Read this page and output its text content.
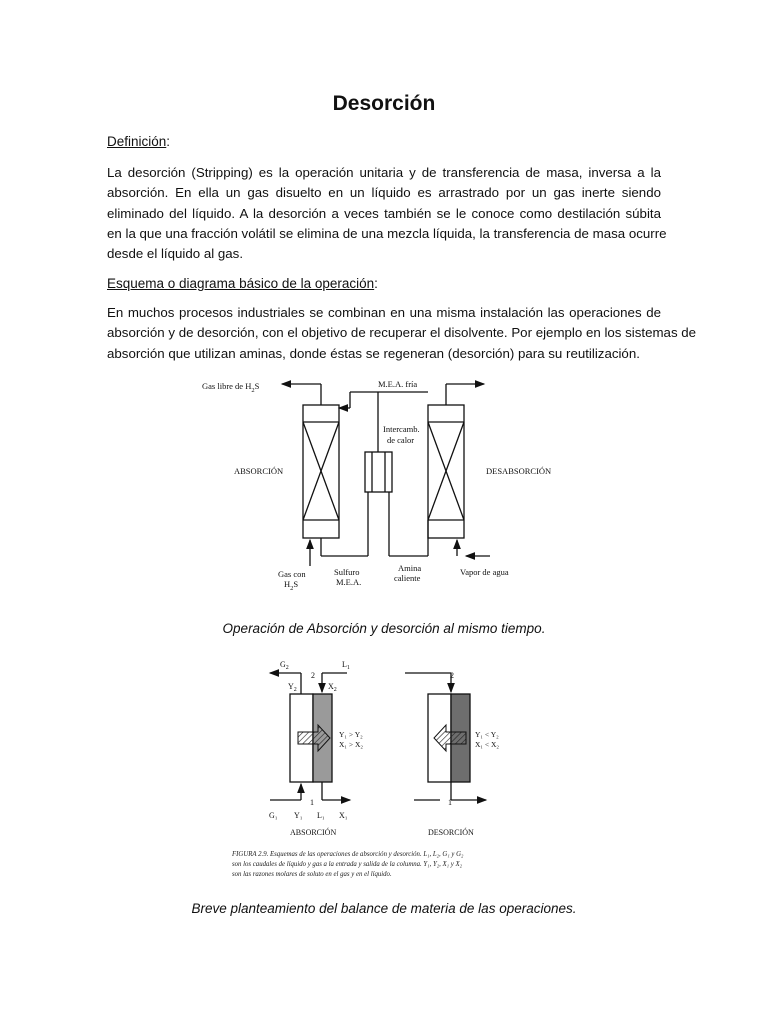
Desorción
Definición:
La desorción (Stripping) es la operación unitaria y de transferencia de masa, inversa a la
absorción. En ella un gas disuelto en un líquido es arrastrado por un gas inerte siendo
eliminado del líquido. A la desorción a veces también se le conoce como destilación súbita
en la que una fracción volátil se elimina de una mezcla líquida, la transferencia de masa ocurre
desde el líquido al gas.
Esquema o diagrama básico de la operación:
En muchos procesos industriales se combinan en una misma instalación las operaciones de
absorción y de desorción, con el objetivo de recuperar el disolvente. Por ejemplo en los sistemas de
absorción que utilizan aminas, donde éstas se regeneran (desorción) para su reutilización.
Gas libre de $H_2S$	M.E.A. fría
Intercamb.
de calor
ABSORCIÓN	DESABSORCIÓN
Gas con
$H_2S$
Sulfuro
M.E.A.
Amina
caliente
Vapor de agua
Operación de Absorción y desorción al mismo tiempo.
$G_2$
2
$L_1$
$Y_2$	$X_2$
Y₁ > Y₂
X₁ > X₂
1
G₁ Y₁ L₁ X₁
ABSORCIÓN
2
Y₁ < Y₂
X₁ < X₂
1
DESORCIÓN
FIGURA 2.9. Esquemas de las operaciones de absorción y desorción. L₁, L₂, G₁ y G₂
son los caudales de líquido y gas a la entrada y salida de la columna. Y₁, Y₂, X₁ y X₂
son las razones molares de soluto en el gas y en el líquido.
Breve planteamiento del balance de materia de las operaciones.
